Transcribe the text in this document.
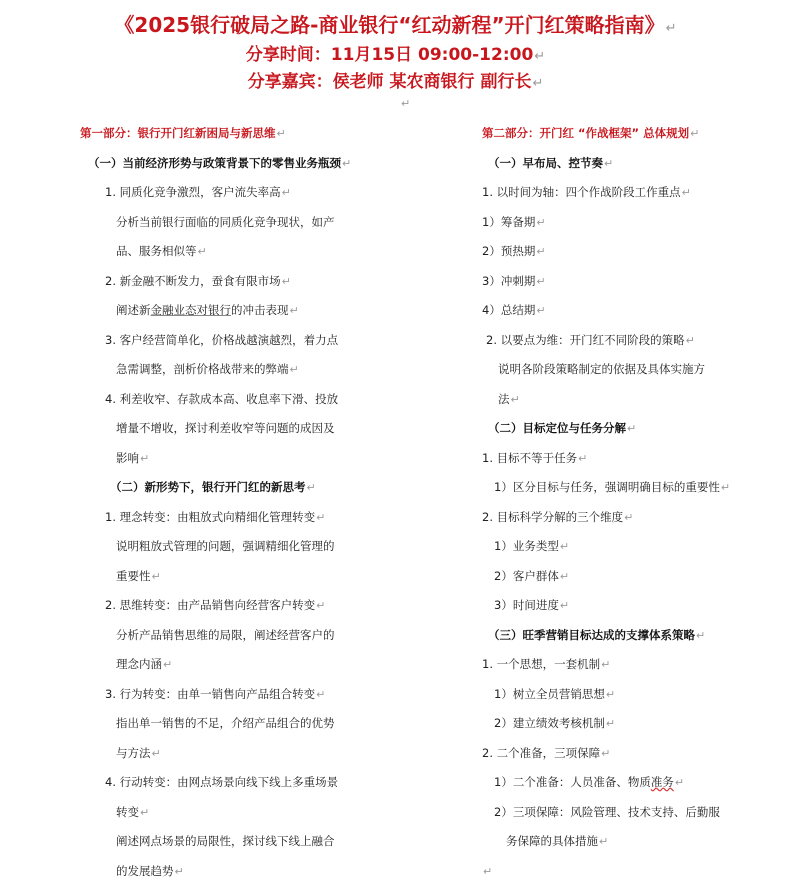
《2025银行破局之路-商业银行“红动新程”开门红策略指南》↵
分享时间：11月15日 09:00-12:00↵
分享嘉宾：侯老师 某农商银行 副行长↵
↵
第一部分：银行开门红新困局与新思维↵
（一）当前经济形势与政策背景下的零售业务瓶颈↵
1. 同质化竞争激烈，客户流失率高↵
分析当前银行面临的同质化竞争现状，如产
品、服务相似等↵
2. 新金融不断发力，蚕食有限市场↵
阐述新金融业态对银行的冲击表现↵
3. 客户经营简单化，价格战越演越烈，着力点
急需调整，剖析价格战带来的弊端↵
4. 利差收窄、存款成本高、收息率下滑、投放
增量不增收，探讨利差收窄等问题的成因及
影响↵
（二）新形势下，银行开门红的新思考↵
1. 理念转变：由粗放式向精细化管理转变↵
说明粗放式管理的问题，强调精细化管理的
重要性↵
2. 思维转变：由产品销售向经营客户转变↵
分析产品销售思维的局限，阐述经营客户的
理念内涵↵
3. 行为转变：由单一销售向产品组合转变↵
指出单一销售的不足，介绍产品组合的优势
与方法↵
4. 行动转变：由网点场景向线下线上多重场景
转变↵
阐述网点场景的局限性，探讨线下线上融合
的发展趋势↵
第二部分：开门红 “作战框架” 总体规划↵
（一）早布局、控节奏↵
1. 以时间为轴：四个作战阶段工作重点↵
1）筹备期↵
2）预热期↵
3）冲刺期↵
4）总结期↵
2. 以要点为维：开门红不同阶段的策略↵
说明各阶段策略制定的依据及具体实施方
法↵
（二）目标定位与任务分解↵
1. 目标不等于任务↵
1）区分目标与任务，强调明确目标的重要性↵
2. 目标科学分解的三个维度↵
1）业务类型↵
2）客户群体↵
3）时间进度↵
（三）旺季营销目标达成的支撑体系策略↵
1. 一个思想，一套机制↵
1）树立全员营销思想↵
2）建立绩效考核机制↵
2. 二个准备，三项保障↵
1）二个准备：人员准备、物质准务↵
2）三项保障：风险管理、技术支持、后勤服
务保障的具体措施↵
↵
